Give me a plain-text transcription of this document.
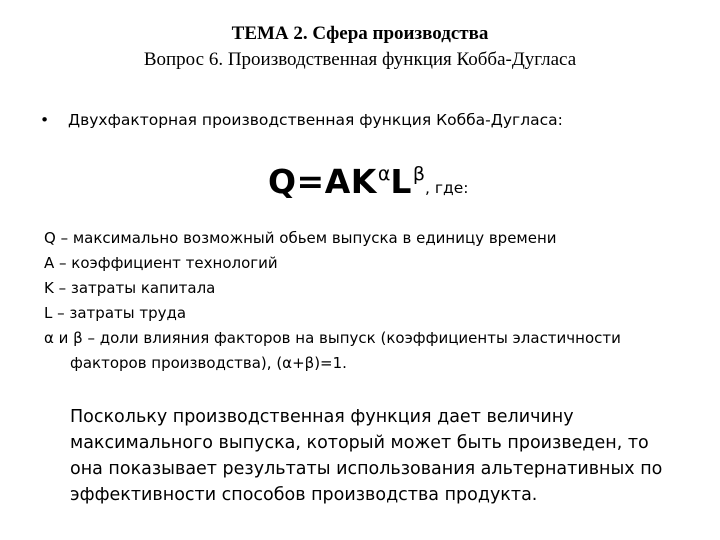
ТЕМА 2. Сфера производства
Вопрос 6. Производственная функция Кобба-Дугласа
• Двухфакторная производственная функция Кобба-Дугласа:
$Q=AK^\alpha L^\beta$, где:
Q – максимально возможный обьем выпуска в единицу времени
A – коэффициент технологий
K – затраты капитала
L – затраты труда
α и β – доли влияния факторов на выпуск (коэффициенты эластичности
факторов производства), (α+β)=1.
Поскольку производственная функция дает величину
максимального выпуска, который может быть произведен, то
она показывает результаты использования альтернативных по
эффективности способов производства продукта.
